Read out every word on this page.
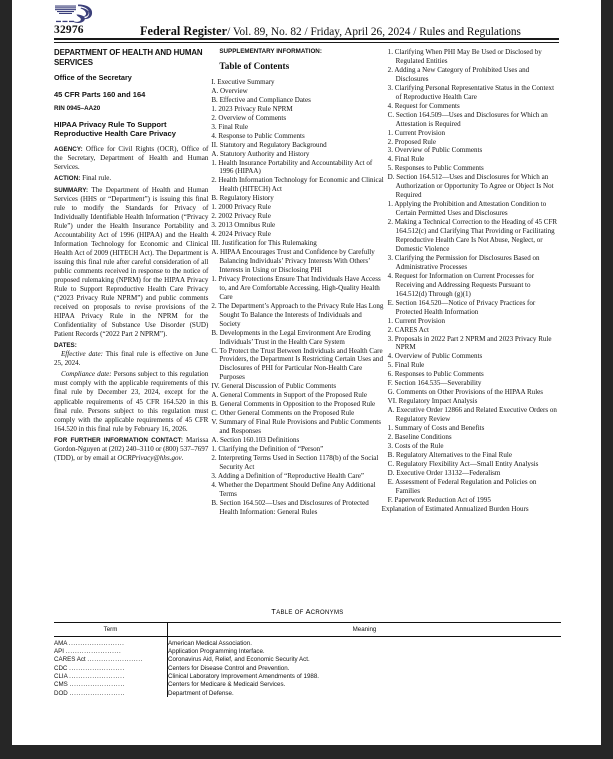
32976	Federal Register/ Vol. 89, No. 82 / Friday, April 26, 2024 / Rules and Regulations
DEPARTMENT OF HEALTH AND HUMAN SERVICES
Office of the Secretary
45 CFR Parts 160 and 164
RIN 0945–AA20
HIPAA Privacy Rule To Support Reproductive Health Care Privacy

AGENCY: Office for Civil Rights (OCR), Office of the Secretary, Department of Health and Human Services.

ACTION: Final rule.

SUMMARY: The Department of Health and Human Services (HHS or “Department”) is issuing this final rule to modify the Standards for Privacy of Individually Identifiable Health Information (“Privacy Rule”) under the Health Insurance Portability and Accountability Act of 1996 (HIPAA) and the Health Information Technology for Economic and Clinical Health Act of 2009 (HITECH Act). The Department is issuing this final rule after careful consideration of all public comments received in response to the notice of proposed rulemaking (NPRM) for the HIPAA Privacy Rule to Support Reproductive Health Care Privacy (“2023 Privacy Rule NPRM”) and public comments received on proposals to revise provisions of the HIPAA Privacy Rule in the NPRM for the Confidentiality of Substance Use Disorder (SUD) Patient Records (“2022 Part 2 NPRM”).

DATES:

Effective date: This final rule is effective on June 25, 2024.

Compliance date: Persons subject to this regulation must comply with the applicable requirements of this final rule by December 23, 2024, except for the applicable requirements of 45 CFR 164.520 in this final rule. Persons subject to this regulation must comply with the applicable requirements of 45 CFR 164.520 in this final rule by February 16, 2026.

FOR FURTHER INFORMATION CONTACT: Marissa Gordon-Nguyen at (202) 240–3110 or (800) 537–7697 (TDD), or by email at OCRPrivacy@hhs.gov.

SUPPLEMENTARY INFORMATION:
Table of Contents
I. Executive Summary
A. Overview
B. Effective and Compliance Dates
1. 2023 Privacy Rule NPRM
2. Overview of Comments
3. Final Rule
4. Response to Public Comments
II. Statutory and Regulatory Background
A. Statutory Authority and History
1. Health Insurance Portability and Accountability Act of 1996 (HIPAA)
2. Health Information Technology for Economic and Clinical Health (HITECH) Act
B. Regulatory History
1. 2000 Privacy Rule
2. 2002 Privacy Rule
3. 2013 Omnibus Rule
4. 2024 Privacy Rule
III. Justification for This Rulemaking
A. HIPAA Encourages Trust and Confidence by Carefully Balancing Individuals’ Privacy Interests With Others’ Interests in Using or Disclosing PHI
1. Privacy Protections Ensure That Individuals Have Access to, and Are Comfortable Accessing, High-Quality Health Care
2. The Department’s Approach to the Privacy Rule Has Long Sought To Balance the Interests of Individuals and Society
B. Developments in the Legal Environment Are Eroding Individuals’ Trust in the Health Care System
C. To Protect the Trust Between Individuals and Health Care Providers, the Department Is Restricting Certain Uses and Disclosures of PHI for Particular Non-Health Care Purposes
IV. General Discussion of Public Comments
A. General Comments in Support of the Proposed Rule
B. General Comments in Opposition to the Proposed Rule
C. Other General Comments on the Proposed Rule
V. Summary of Final Rule Provisions and Public Comments and Responses
A. Section 160.103 Definitions
1. Clarifying the Definition of “Person”
2. Interpreting Terms Used in Section 1178(b) of the Social Security Act
3. Adding a Definition of “Reproductive Health Care”
4. Whether the Department Should Define Any Additional Terms
B. Section 164.502—Uses and Disclosures of Protected Health Information: General Rules
1. Clarifying When PHI May Be Used or Disclosed by Regulated Entities
2. Adding a New Category of Prohibited Uses and Disclosures
3. Clarifying Personal Representative Status in the Context of Reproductive Health Care
4. Request for Comments
C. Section 164.509—Uses and Disclosures for Which an Attestation is Required
1. Current Provision
2. Proposed Rule
3. Overview of Public Comments
4. Final Rule
5. Responses to Public Comments
D. Section 164.512—Uses and Disclosures for Which an Authorization or Opportunity To Agree or Object Is Not Required
1. Applying the Prohibition and Attestation Condition to Certain Permitted Uses and Disclosures
2. Making a Technical Correction to the Heading of 45 CFR 164.512(c) and Clarifying That Providing or Facilitating Reproductive Health Care Is Not Abuse, Neglect, or Domestic Violence
3. Clarifying the Permission for Disclosures Based on Administrative Processes
4. Request for Information on Current Processes for Receiving and Addressing Requests Pursuant to 164.512(d) Through (g)(1)
E. Section 164.520—Notice of Privacy Practices for Protected Health Information
1. Current Provision
2. CARES Act
3. Proposals in 2022 Part 2 NPRM and 2023 Privacy Rule NPRM
4. Overview of Public Comments
5. Final Rule
6. Responses to Public Comments
F. Section 164.535—Severability
G. Comments on Other Provisions of the HIPAA Rules
VI. Regulatory Impact Analysis
A. Executive Order 12866 and Related Executive Orders on Regulatory Review
1. Summary of Costs and Benefits
2. Baseline Conditions
3. Costs of the Rule
B. Regulatory Alternatives to the Final Rule
C. Regulatory Flexibility Act—Small Entity Analysis
D. Executive Order 13132—Federalism
E. Assessment of Federal Regulation and Policies on Families
F. Paperwork Reduction Act of 1995
Explanation of Estimated Annualized Burden Hours
TABLE OF ACRONYMS
Term	Meaning
AMA ........................	American Medical Association.
API ........................	Application Programming Interface.
CARES Act ........................	Coronavirus Aid, Relief, and Economic Security Act.
CDC ........................	Centers for Disease Control and Prevention.
CLIA ........................	Clinical Laboratory Improvement Amendments of 1988.
CMS ........................	Centers for Medicare & Medicaid Services.
DOD ........................	Department of Defense.
